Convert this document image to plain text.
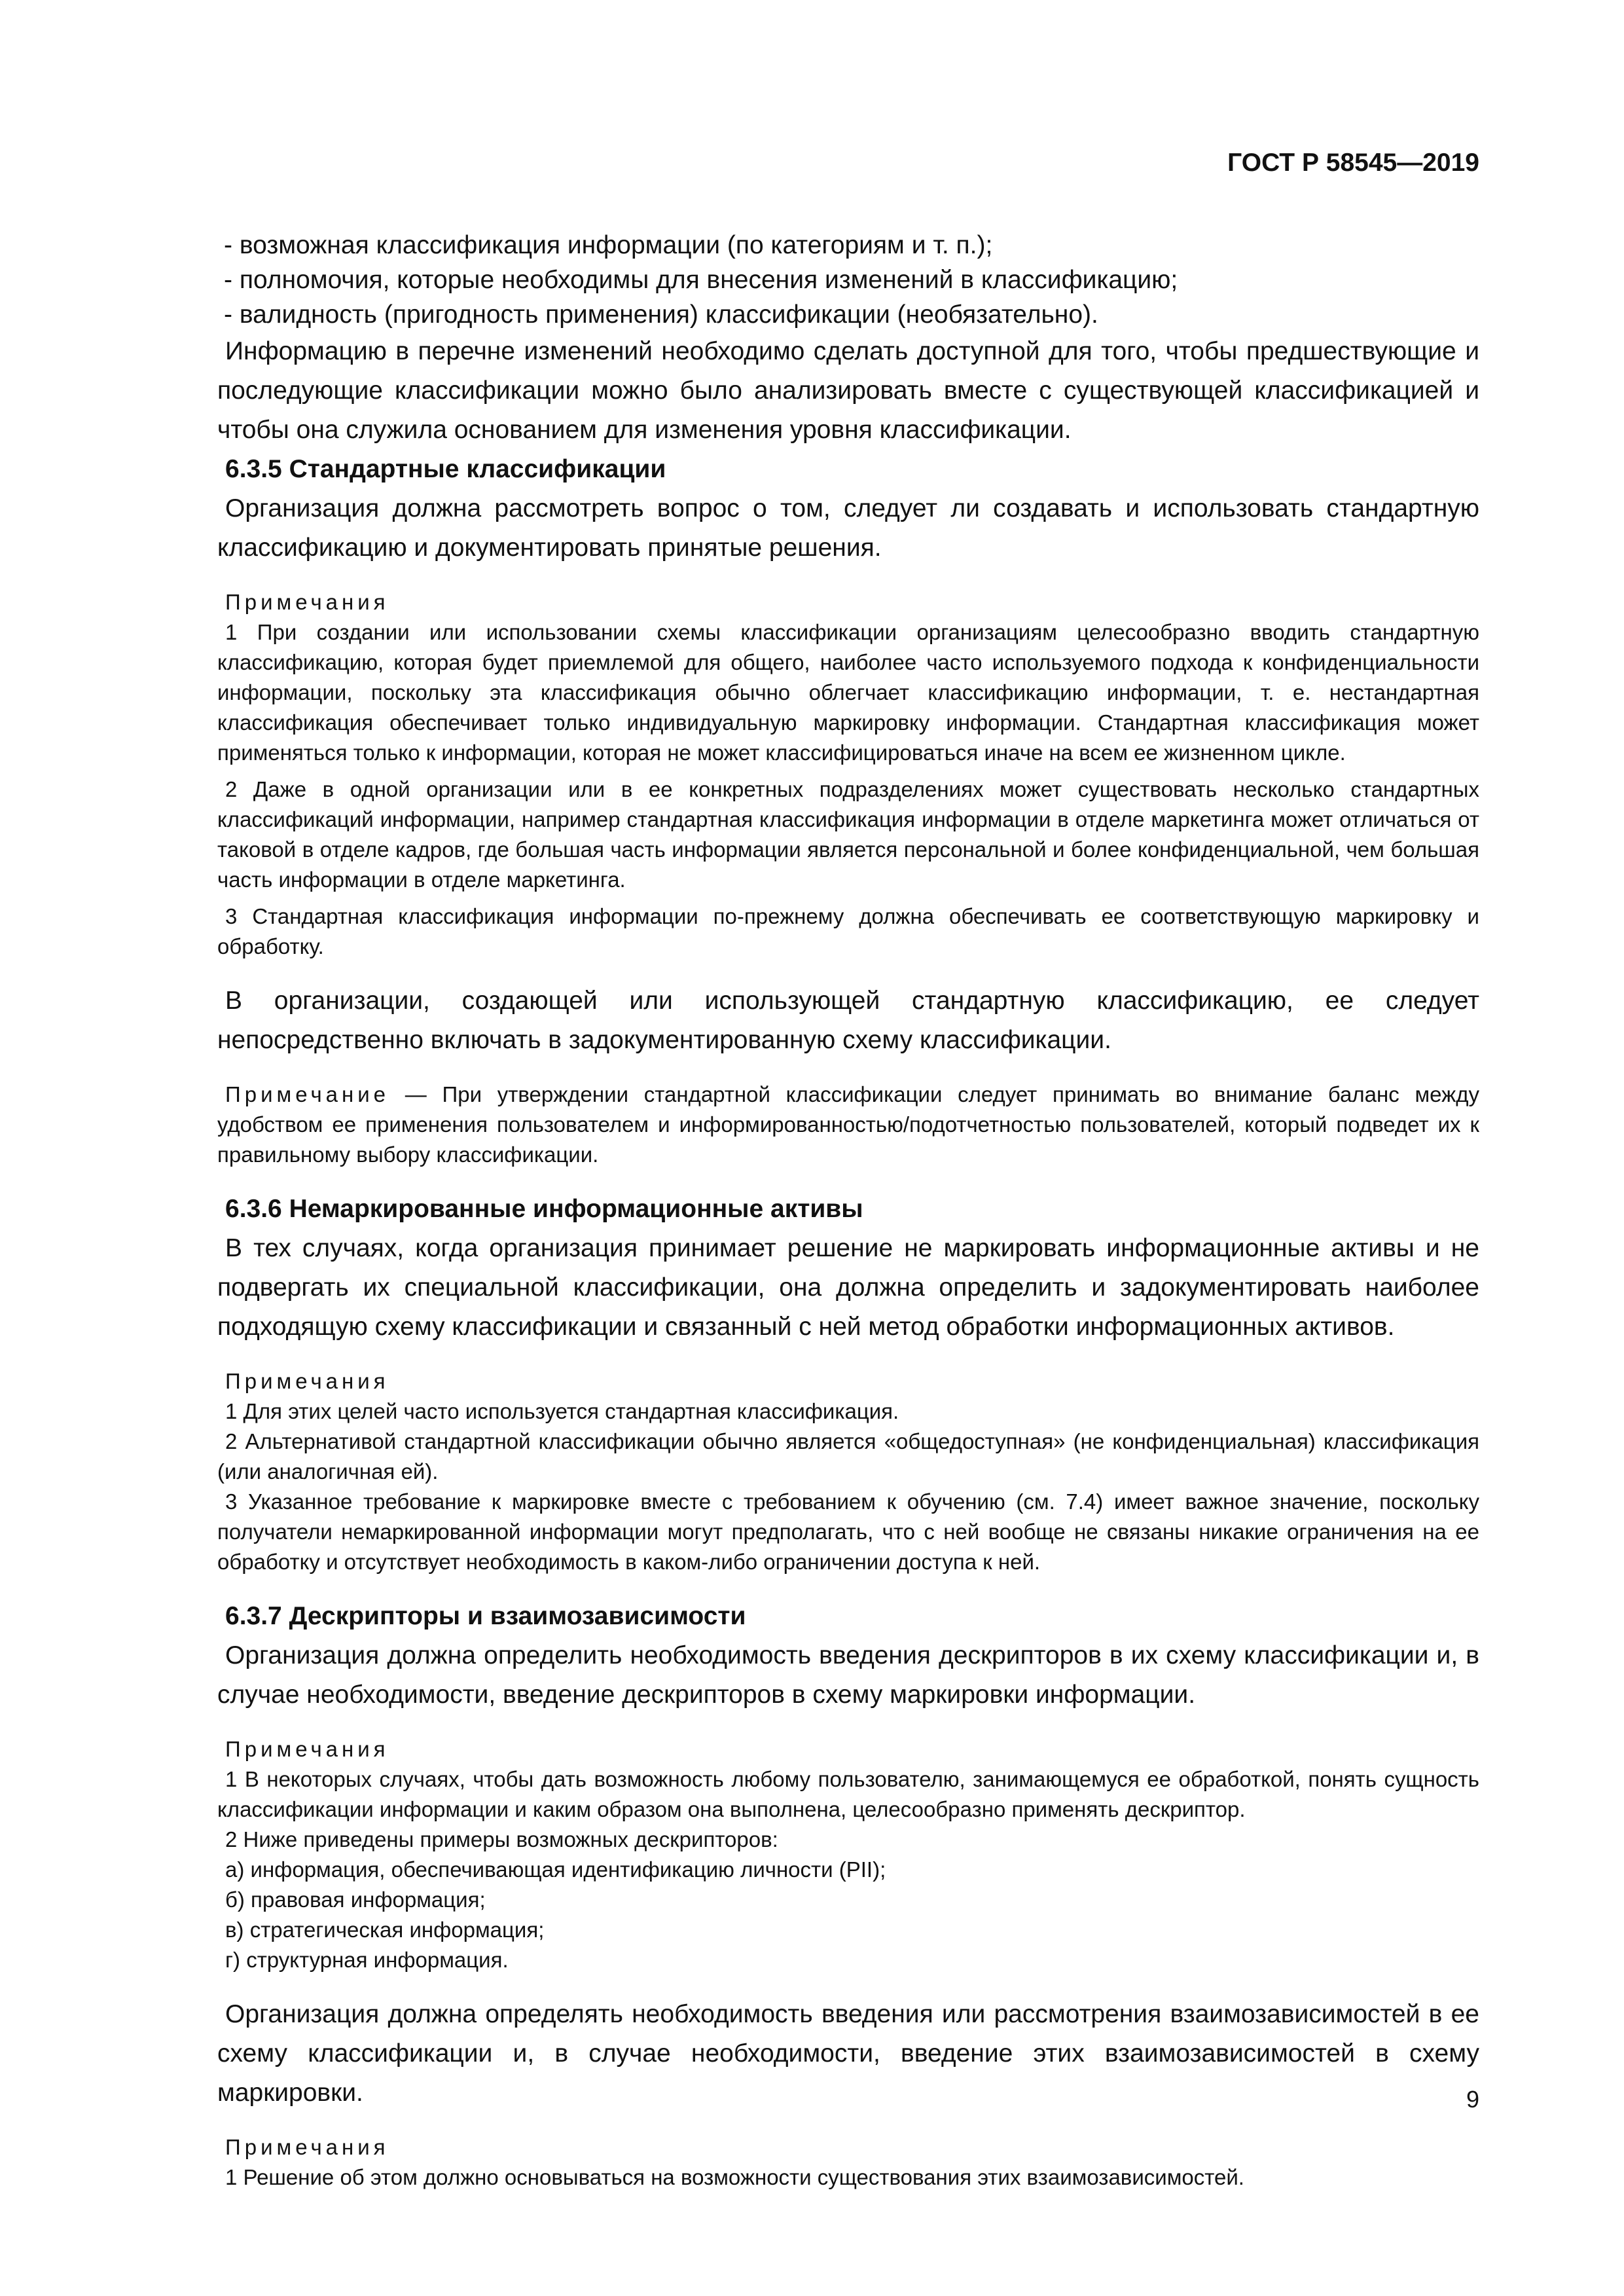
ГОСТ Р 58545—2019
- возможная классификация информации (по категориям и т. п.);
- полномочия, которые необходимы для внесения изменений в классификацию;
- валидность (пригодность применения) классификации (необязательно).

Информацию в перечне изменений необходимо сделать доступной для того, чтобы предшествующие и последующие классификации можно было анализировать вместе с существующей классификацией и чтобы она служила основанием для изменения уровня классификации.

6.3.5 Стандартные классификации

Организация должна рассмотреть вопрос о том, следует ли создавать и использовать стандартную классификацию и документировать принятые решения.

Примечания

1 При создании или использовании схемы классификации организациям целесообразно вводить стандартную классификацию, которая будет приемлемой для общего, наиболее часто используемого подхода к конфиденциальности информации, поскольку эта классификация обычно облегчает классификацию информации, т. е. нестандартная классификация обеспечивает только индивидуальную маркировку информации. Стандартная классификация может применяться только к информации, которая не может классифицироваться иначе на всем ее жизненном цикле.

2 Даже в одной организации или в ее конкретных подразделениях может существовать несколько стандартных классификаций информации, например стандартная классификация информации в отделе маркетинга может отличаться от таковой в отделе кадров, где большая часть информации является персональной и более конфиденциальной, чем большая часть информации в отделе маркетинга.

3 Стандартная классификация информации по-прежнему должна обеспечивать ее соответствующую маркировку и обработку.

В организации, создающей или использующей стандартную классификацию, ее следует непосредственно включать в задокументированную схему классификации.

Примечание — При утверждении стандартной классификации следует принимать во внимание баланс между удобством ее применения пользователем и информированностью/подотчетностью пользователей, который подведет их к правильному выбору классификации.

6.3.6 Немаркированные информационные активы

В тех случаях, когда организация принимает решение не маркировать информационные активы и не подвергать их специальной классификации, она должна определить и задокументировать наиболее подходящую схему классификации и связанный с ней метод обработки информационных активов.

Примечания

1 Для этих целей часто используется стандартная классификация.

2 Альтернативой стандартной классификации обычно является «общедоступная» (не конфиденциальная) классификация (или аналогичная ей).

3 Указанное требование к маркировке вместе с требованием к обучению (см. 7.4) имеет важное значение, поскольку получатели немаркированной информации могут предполагать, что с ней вообще не связаны никакие ограничения на ее обработку и отсутствует необходимость в каком-либо ограничении доступа к ней.

6.3.7 Дескрипторы и взаимозависимости

Организация должна определить необходимость введения дескрипторов в их схему классификации и, в случае необходимости, введение дескрипторов в схему маркировки информации.

Примечания

1 В некоторых случаях, чтобы дать возможность любому пользователю, занимающемуся ее обработкой, понять сущность классификации информации и каким образом она выполнена, целесообразно применять дескриптор.

2 Ниже приведены примеры возможных дескрипторов:
а) информация, обеспечивающая идентификацию личности (PII);
б) правовая информация;
в) стратегическая информация;
г) структурная информация.

Организация должна определять необходимость введения или рассмотрения взаимозависимостей в ее схему классификации и, в случае необходимости, введение этих взаимозависимостей в схему маркировки.

Примечания

1 Решение об этом должно основываться на возможности существования этих взаимозависимостей.

9
